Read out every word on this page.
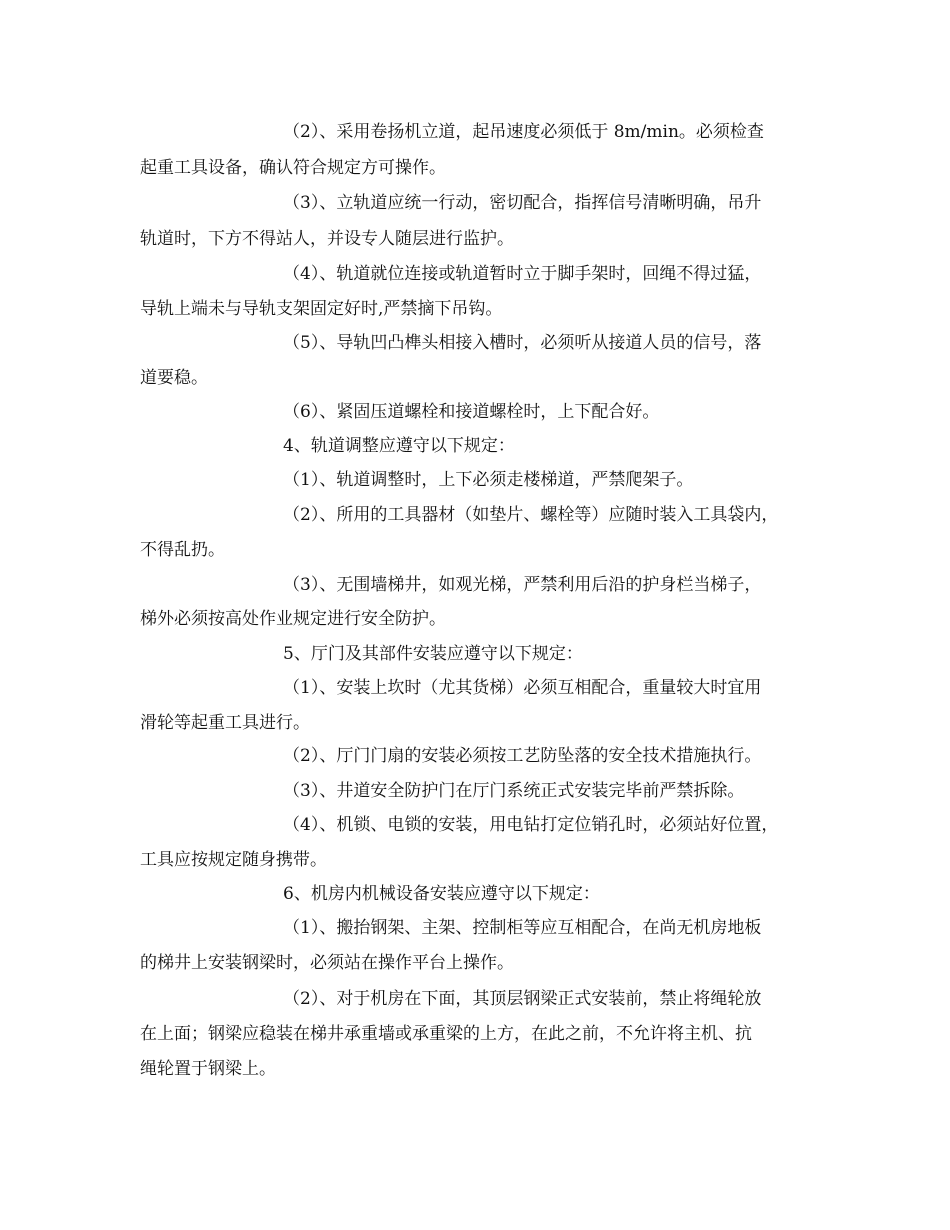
（2）、采用卷扬机立道，起吊速度必须低于 8m/min。必须检查
起重工具设备，确认符合规定方可操作。
（3）、立轨道应统一行动，密切配合，指挥信号清晰明确，吊升
轨道时，下方不得站人，并设专人随层进行监护。
（4）、轨道就位连接或轨道暂时立于脚手架时，回绳不得过猛，
导轨上端未与导轨支架固定好时,严禁摘下吊钩。
（5）、导轨凹凸榫头相接入槽时，必须听从接道人员的信号，落
道要稳。
（6）、紧固压道螺栓和接道螺栓时，上下配合好。
4、轨道调整应遵守以下规定：
（1）、轨道调整时，上下必须走楼梯道，严禁爬架子。
（2）、所用的工具器材（如垫片、螺栓等）应随时装入工具袋内，
不得乱扔。
（3）、无围墙梯井，如观光梯，严禁利用后沿的护身栏当梯子，
梯外必须按高处作业规定进行安全防护。
5、厅门及其部件安装应遵守以下规定：
（1）、安装上坎时（尤其货梯）必须互相配合，重量较大时宜用
滑轮等起重工具进行。
（2）、厅门门扇的安装必须按工艺防坠落的安全技术措施执行。
（3）、井道安全防护门在厅门系统正式安装完毕前严禁拆除。
（4）、机锁、电锁的安装，用电钻打定位销孔时，必须站好位置，
工具应按规定随身携带。
6、机房内机械设备安装应遵守以下规定：
（1）、搬抬钢架、主架、控制柜等应互相配合，在尚无机房地板
的梯井上安装钢梁时，必须站在操作平台上操作。
（2）、对于机房在下面，其顶层钢梁正式安装前，禁止将绳轮放
在上面；钢梁应稳装在梯井承重墙或承重梁的上方，在此之前，不允许将主机、抗
绳轮置于钢梁上。
